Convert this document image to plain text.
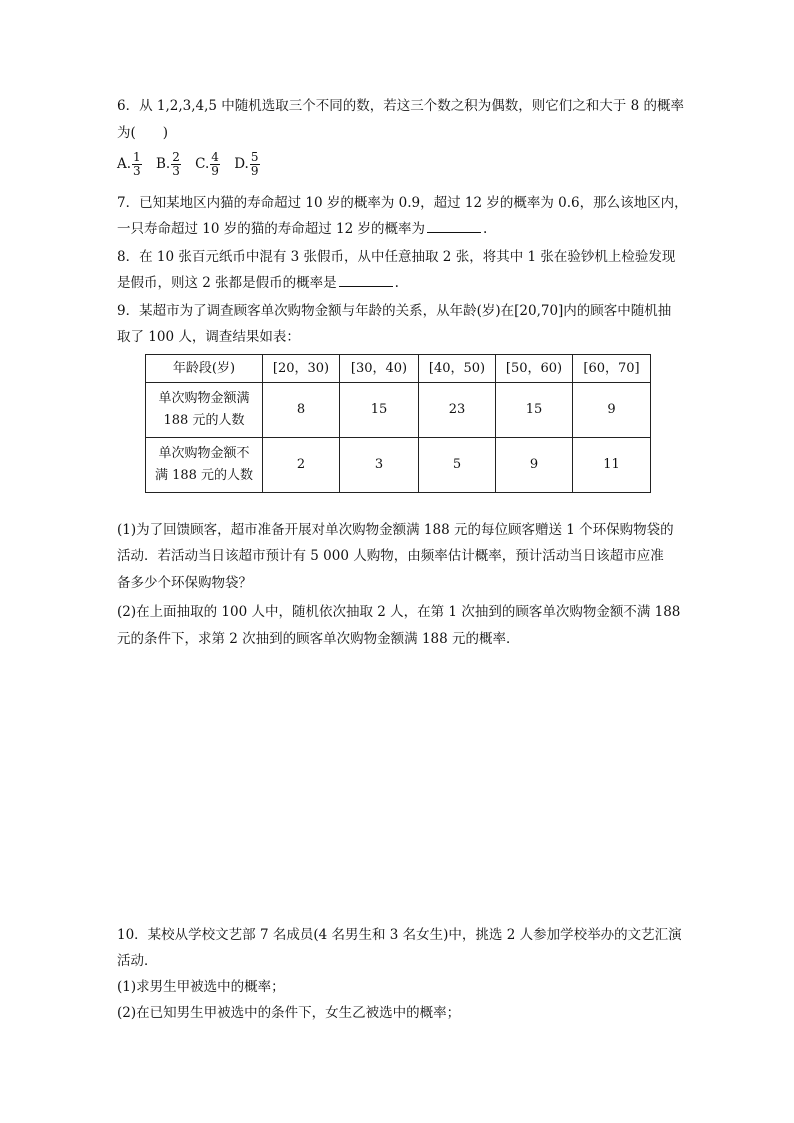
6．从 1,2,3,4,5 中随机选取三个不同的数，若这三个数之积为偶数，则它们之和大于 8 的概率
为(　　)
A. $\frac{1}{3} B$. $\frac{2}{3} C$. $\frac{4}{9} D$. $\frac{5}{9}$
7．已知某地区内猫的寿命超过 10 岁的概率为 0.9，超过 12 岁的概率为 0.6，那么该地区内，
一只寿命超过 10 岁的猫的寿命超过 12 岁的概率为	.
8．在 10 张百元纸币中混有 3 张假币，从中任意抽取 2 张，将其中 1 张在验钞机上检验发现
是假币，则这 2 张都是假币的概率是	.
9．某超市为了调查顾客单次购物金额与年龄的关系，从年龄(岁)在[20,70]内的顾客中随机抽
取了 100 人，调查结果如表：
年龄段(岁)	[20，30)	[30，40)	[40，50)	[50，60)	[60，70]
单次购物金额满
188 元的人数	8	15	23	15	9
单次购物金额不
满 188 元的人数	2	3	5	9	11
(1)为了回馈顾客，超市准备开展对单次购物金额满 188 元的每位顾客赠送 1 个环保购物袋的
活动．若活动当日该超市预计有 5 000 人购物，由频率估计概率，预计活动当日该超市应准
备多少个环保购物袋？
(2)在上面抽取的 100 人中，随机依次抽取 2 人，在第 1 次抽到的顾客单次购物金额不满 188
元的条件下，求第 2 次抽到的顾客单次购物金额满 188 元的概率．
10．某校从学校文艺部 7 名成员(4 名男生和 3 名女生)中，挑选 2 人参加学校举办的文艺汇演
活动．
(1)求男生甲被选中的概率；
(2)在已知男生甲被选中的条件下，女生乙被选中的概率；
